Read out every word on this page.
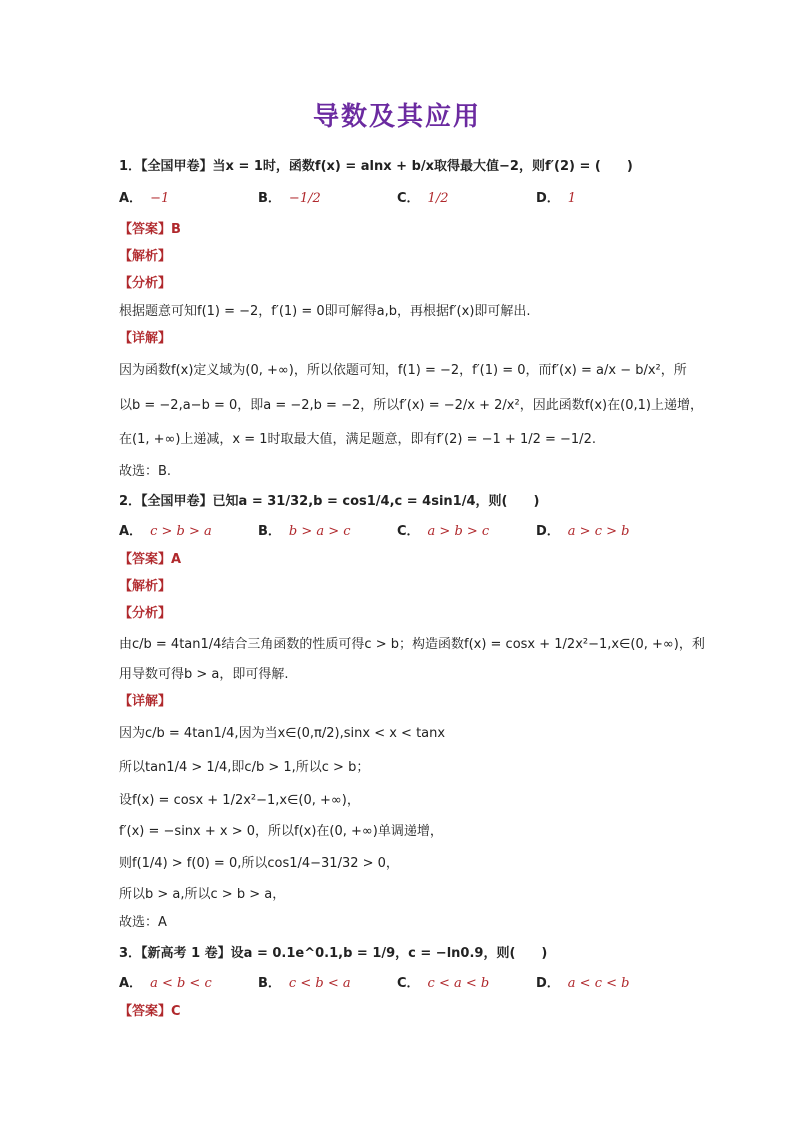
导数及其应用
1．【全国甲卷】当x = 1时，函数f(x) = alnx + b/x取得最大值−2，则f′(2) = (　　)
A． −1	B． −1/2	C． 1/2	D． 1
【答案】B
【解析】
【分析】
根据题意可知f(1) = −2，f′(1) = 0即可解得a,b，再根据f′(x)即可解出.
【详解】
因为函数f(x)定义域为(0, +∞)，所以依题可知，f(1) = −2，f′(1) = 0，而f′(x) = a/x − b/x²，所
以b = −2,a−b = 0，即a = −2,b = −2，所以f′(x) = −2/x + 2/x²，因此函数f(x)在(0,1)上递增，
在(1, +∞)上递减，x = 1时取最大值，满足题意，即有f′(2) = −1 + 1/2 = −1/2.
故选：B.
2．【全国甲卷】已知a = 31/32,b = cos1/4,c = 4sin1/4，则(　　)
A． c > b > a	B． b > a > c	C． a > b > c	D． a > c > b
【答案】A
【解析】
【分析】
由c/b = 4tan1/4结合三角函数的性质可得c > b；构造函数f(x) = cosx + 1/2x²−1,x∈(0, +∞)，利
用导数可得b > a，即可得解.
【详解】
因为c/b = 4tan1/4,因为当x∈(0,π/2),sinx < x < tanx
所以tan1/4 > 1/4,即c/b > 1,所以c > b；
设f(x) = cosx + 1/2x²−1,x∈(0, +∞)，
f′(x) = −sinx + x > 0，所以f(x)在(0, +∞)单调递增，
则f(1/4) > f(0) = 0,所以cos1/4−31/32 > 0，
所以b > a,所以c > b > a，
故选：A
3．【新高考 1 卷】设a = 0.1e^0.1,b = 1/9，c = −ln0.9，则(　　)
A． a < b < c	B． c < b < a	C． c < a < b	D． a < c < b
【答案】C
